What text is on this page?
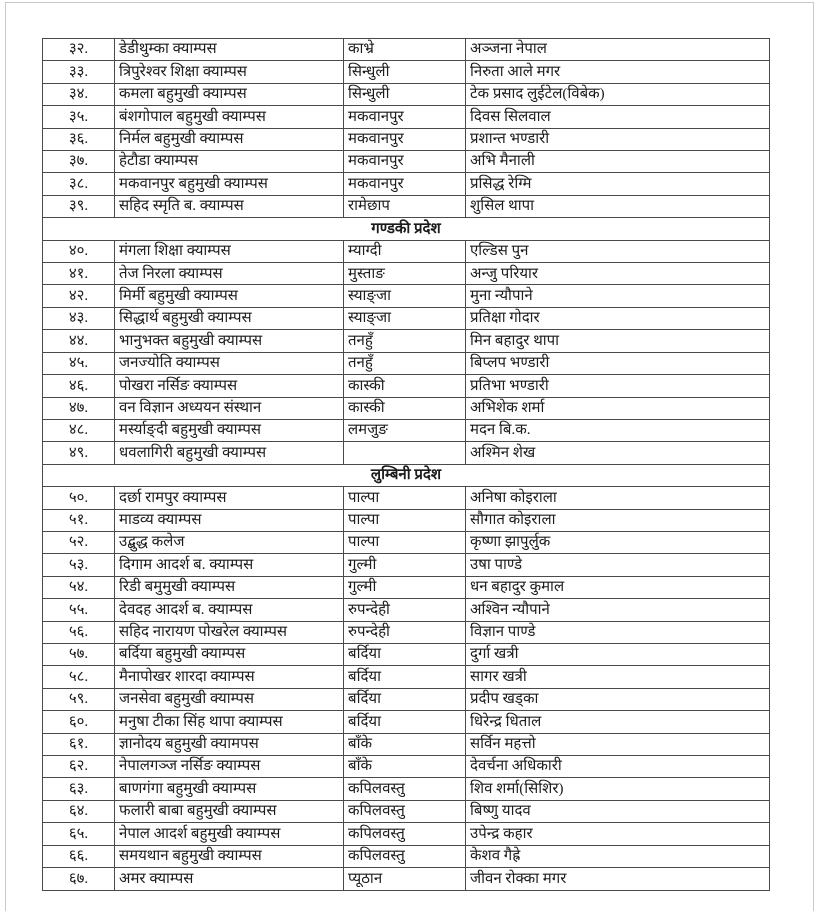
३२.	डेडीथुम्का क्याम्पस	काभ्रे	अञ्जना नेपाल
३३.	त्रिपुरेश्वर शिक्षा क्याम्पस	सिन्धुली	निरुता आले मगर
३४.	कमला बहुमुखी क्याम्पस	सिन्धुली	टेक प्रसाद लुईटेल(विबेक)
३५.	बंशगोपाल बहुमुखी क्याम्पस	मकवानपुर	दिवस सिलवाल
३६.	निर्मल बहुमुखी क्याम्पस	मकवानपुर	प्रशान्त भण्डारी
३७.	हेटौडा क्याम्पस	मकवानपुर	अभि मैनाली
३८.	मकवानपुर बहुमुखी क्याम्पस	मकवानपुर	प्रसिद्ध रेग्मि
३९.	सहिद स्मृति ब. क्याम्पस	रामेछाप	शुसिल थापा
गण्डकी प्रदेश			
४०.	मंगला शिक्षा क्याम्पस	म्याग्दी	एल्डिस पुन
४१.	तेज निरला क्याम्पस	मुस्ताङ	अन्जु परियार
४२.	मिर्मी बहुमुखी क्याम्पस	स्याङ्जा	मुना न्यौपाने
४३.	सिद्धार्थ बहुमुखी क्याम्पस	स्याङ्जा	प्रतिक्षा गोदार
४४.	भानुभक्त बहुमुखी क्याम्पस	तनहुँ	मिन बहादुर थापा
४५.	जनज्योति क्याम्पस	तनहुँ	बिप्लप भण्डारी
४६.	पोखरा नर्सिङ क्याम्पस	कास्की	प्रतिभा भण्डारी
४७.	वन विज्ञान अध्ययन संस्थान	कास्की	अभिशेक शर्मा
४८.	मर्स्याङ्दी बहुमुखी क्याम्पस	लमजुङ	मदन बि.क.
४९.	धवलागिरी बहुमुखी क्याम्पस		अश्मिन शेख
लुम्बिनी प्रदेश			
५०.	दर्छा रामपुर क्याम्पस	पाल्पा	अनिषा कोइराला
५१.	माडव्य क्याम्पस	पाल्पा	सौगात कोइराला
५२.	उद्बुद्ध कलेज	पाल्पा	कृष्णा झापुर्लुक
५३.	दिगाम आदर्श ब. क्याम्पस	गुल्मी	उषा पाण्डे
५४.	रिडी बमुमुखी क्याम्पस	गुल्मी	धन बहादुर कुमाल
५५.	देवदह आदर्श ब. क्याम्पस	रुपन्देही	अश्विन न्यौपाने
५६.	सहिद नारायण पोखरेल क्याम्पस	रुपन्देही	विज्ञान पाण्डे
५७.	बर्दिया बहुमुखी क्याम्पस	बर्दिया	दुर्गा खत्री
५८.	मैनापोखर शारदा क्याम्पस	बर्दिया	सागर खत्री
५९.	जनसेवा बहुमुखी क्याम्पस	बर्दिया	प्रदीप खड्का
६०.	मनुषा टीका सिंह थापा क्याम्पस	बर्दिया	धिरेन्द्र धिताल
६१.	ज्ञानोदय बहुमुखी क्यामपस	बाँके	सर्विन महत्तो
६२.	नेपालगञ्ज नर्सिङ क्याम्पस	बाँके	देवर्चना अधिकारी
६३.	बाणगंगा बहुमुखी क्याम्पस	कपिलवस्तु	शिव शर्मा(सिशिर)
६४.	फलारी बाबा बहुमुखी क्याम्पस	कपिलवस्तु	बिष्णु यादव
६५.	नेपाल आदर्श बहुमुखी क्याम्पस	कपिलवस्तु	उपेन्द्र कहार
६६.	समयथान बहुमुखी क्याम्पस	कपिलवस्तु	केशव गैह्रे
६७.	अमर क्याम्पस	प्यूठान	जीवन रोक्का मगर
